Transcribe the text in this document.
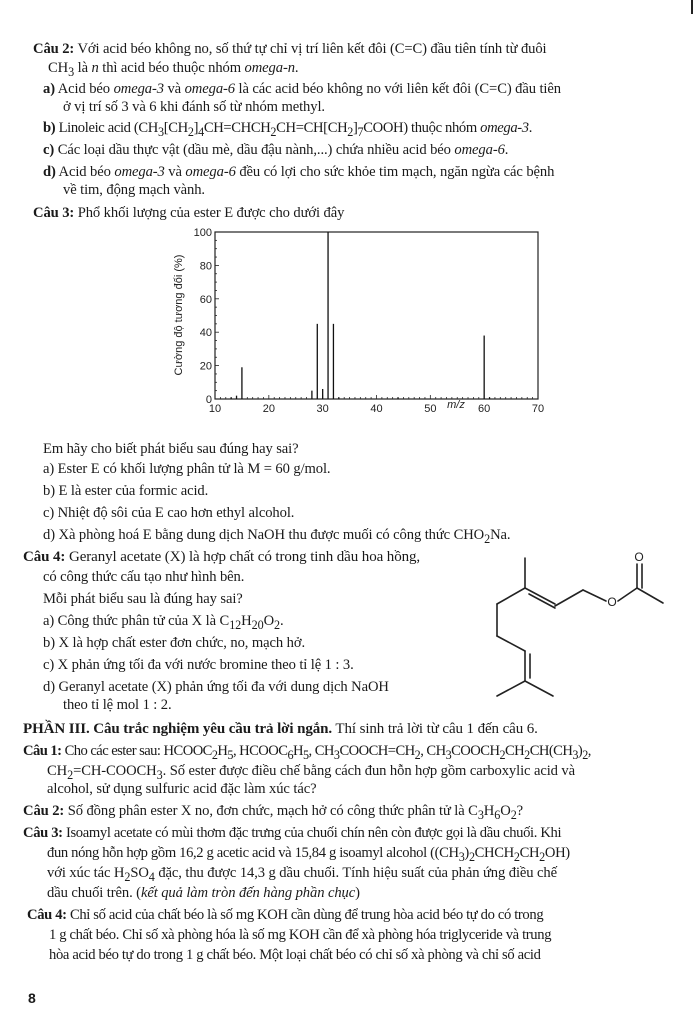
Câu 2: Với acid béo không no, số thứ tự chỉ vị trí liên kết đôi (C=C) đầu tiên tính từ đuôi
$CH_3$ là n thì acid béo thuộc nhóm omega-n.
a) Acid béo omega-3 và omega-6 là các acid béo không no với liên kết đôi (C=C) đầu tiên
ở vị trí số 3 và 6 khi đánh số từ nhóm methyl.
b) Linoleic acid $(CH_3[CH_2]_4CH=CHCH_2CH=CH[CH_2]_7COOH)$ thuộc nhóm omega-3.
c) Các loại dầu thực vật (dầu mè, dầu đậu nành,...) chứa nhiều acid béo omega-6.
d) Acid béo omega-3 và omega-6 đều có lợi cho sức khỏe tim mạch, ngăn ngừa các bệnh
về tim, động mạch vành.
Câu 3: Phổ khối lượng của ester E được cho dưới đây
Cường độ tương đối (%)
m/z
0
20
40
60
80
100
10	20	30	40	50	60	70
Em hãy cho biết phát biểu sau đúng hay sai?
a) Ester E có khối lượng phân tử là M = 60 g/mol.
b) E là ester của formic acid.
c) Nhiệt độ sôi của E cao hơn ethyl alcohol.
d) Xà phòng hoá E bằng dung dịch NaOH thu được muối có công thức $CHO_2Na$.
Câu 4: Geranyl acetate (X) là hợp chất có trong tinh dầu hoa hồng,
có công thức cấu tạo như hình bên.
Mỗi phát biểu sau là đúng hay sai?
a) Công thức phân tử của X là $C_{12}H_{20}O_2$.
b) X là hợp chất ester đơn chức, no, mạch hở.
c) X phản ứng tối đa với nước bromine theo tỉ lệ 1 : 3.
d) Geranyl acetate (X) phản ứng tối đa với dung dịch NaOH
theo tỉ lệ mol 1 : 2.
O
O
PHẦN III. Câu trắc nghiệm yêu cầu trả lời ngắn. Thí sinh trả lời từ câu 1 đến câu 6.
Câu 1: Cho các ester sau: $HCOOC_2H_5$, $HCOOC_6H_5$, $CH_3COOCH=CH_2$, $CH_3COOCH_2CH_2CH(CH_3)_2$,
$CH_2=CH-COOCH_3$. Số ester được điều chế bằng cách đun hỗn hợp gồm carboxylic acid và
alcohol, sử dụng sulfuric acid đặc làm xúc tác?
Câu 2: Số đồng phân ester X no, đơn chức, mạch hở có công thức phân tử là $C_3H_6O_2$?
Câu 3: Isoamyl acetate có mùi thơm đặc trưng của chuối chín nên còn được gọi là dầu chuối. Khi
đun nóng hỗn hợp gồm 16,2 g acetic acid và 15,84 g isoamyl alcohol $((CH_3)_2CHCH_2CH_2OH)$
với xúc tác $H_2SO_4$ đặc, thu được 14,3 g dầu chuối. Tính hiệu suất của phản ứng điều chế
dầu chuối trên. (kết quả làm tròn đến hàng phần chục)
Câu 4: Chỉ số acid của chất béo là số mg KOH cần dùng để trung hòa acid béo tự do có trong
1 g chất béo. Chỉ số xà phòng hóa là số mg KOH cần để xà phòng hóa triglyceride và trung
hòa acid béo tự do trong 1 g chất béo. Một loại chất béo có chỉ số xà phòng và chỉ số acid
8
